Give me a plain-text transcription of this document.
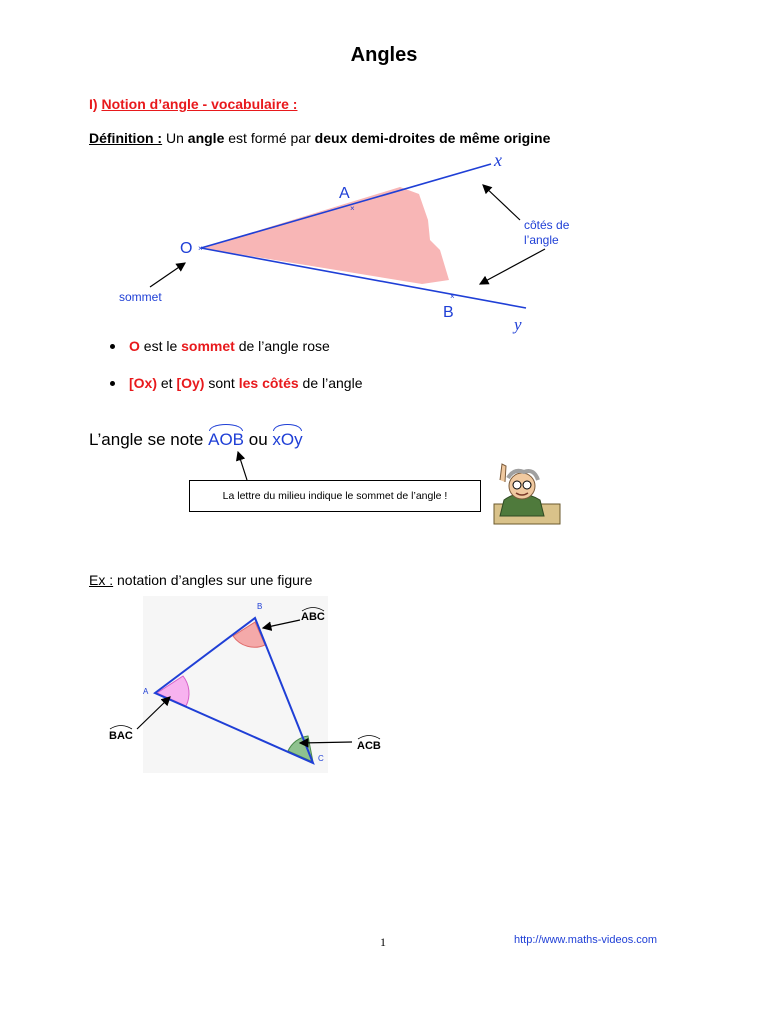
Angles
I) Notion d’angle - vocabulaire :
Définition : Un angle est formé par deux demi-droites de même origine
×
×
×
O
A
B
x
y
sommet
côtés de
l’angle
A
B
C
ABC
BAC
ACB
O est le sommet de l’angle rose
[Ox) et [Oy) sont les côtés de l’angle
L’angle se note AOB ou xOy
La lettre du milieu indique le sommet de l’angle !
Ex : notation d’angles sur une figure
1	http://www.maths-videos.com
